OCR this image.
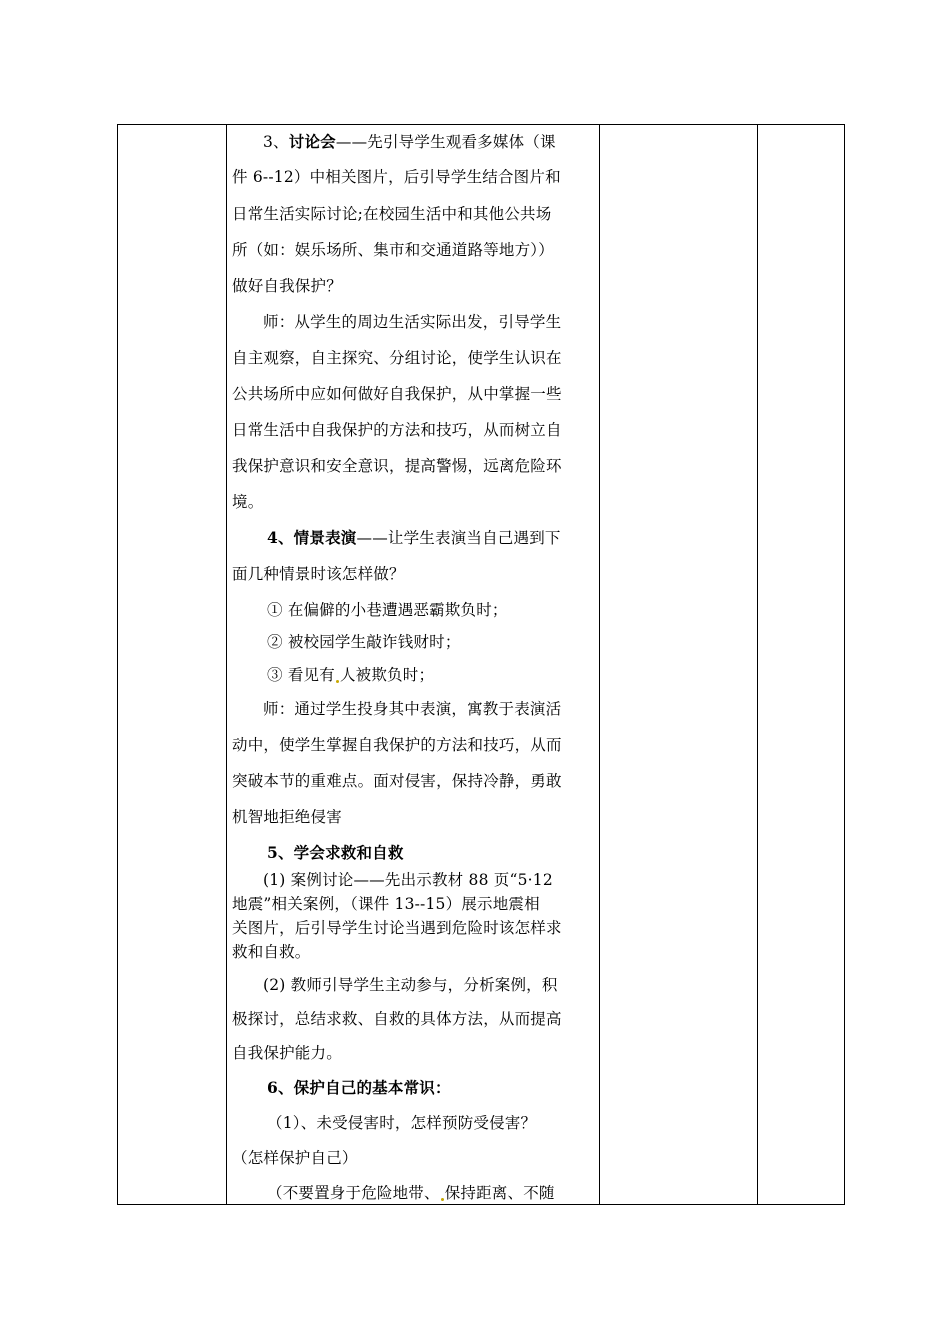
3、讨论会——先引导学生观看多媒体（课
件 6--12）中相关图片，后引导学生结合图片和
日常生活实际讨论;在校园生活中和其他公共场
所（如：娱乐场所、集市和交通道路等地方））
做好自我保护？
师：从学生的周边生活实际出发，引导学生
自主观察，自主探究、分组讨论，使学生认识在
公共场所中应如何做好自我保护，从中掌握一些
日常生活中自我保护的方法和技巧，从而树立自
我保护意识和安全意识，提高警惕，远离危险环
境。
4、情景表演——让学生表演当自己遇到下
面几种情景时该怎样做？
① 在偏僻的小巷遭遇恶霸欺负时；
② 被校园学生敲诈钱财时；
③ 看见有 人被欺负时；
师：通过学生投身其中表演，寓教于表演活
动中，使学生掌握自我保护的方法和技巧，从而
突破本节的重难点。面对侵害，保持冷静，勇敢
机智地拒绝侵害
5、学会求救和自救
(1) 案例讨论——先出示教材 88 页“5·12
地震”相关案例，（课件 13--15）展示地震相
关图片，后引导学生讨论当遇到危险时该怎样求
救和自救。
(2) 教师引导学生主动参与，分析案例，积
极探讨，总结求救、自救的具体方法，从而提高
自我保护能力。
6、保护自己的基本常识：
（1）、未受侵害时，怎样预防受侵害？
（怎样保护自己）
（不要置身于危险地带、 保持距离、不随
